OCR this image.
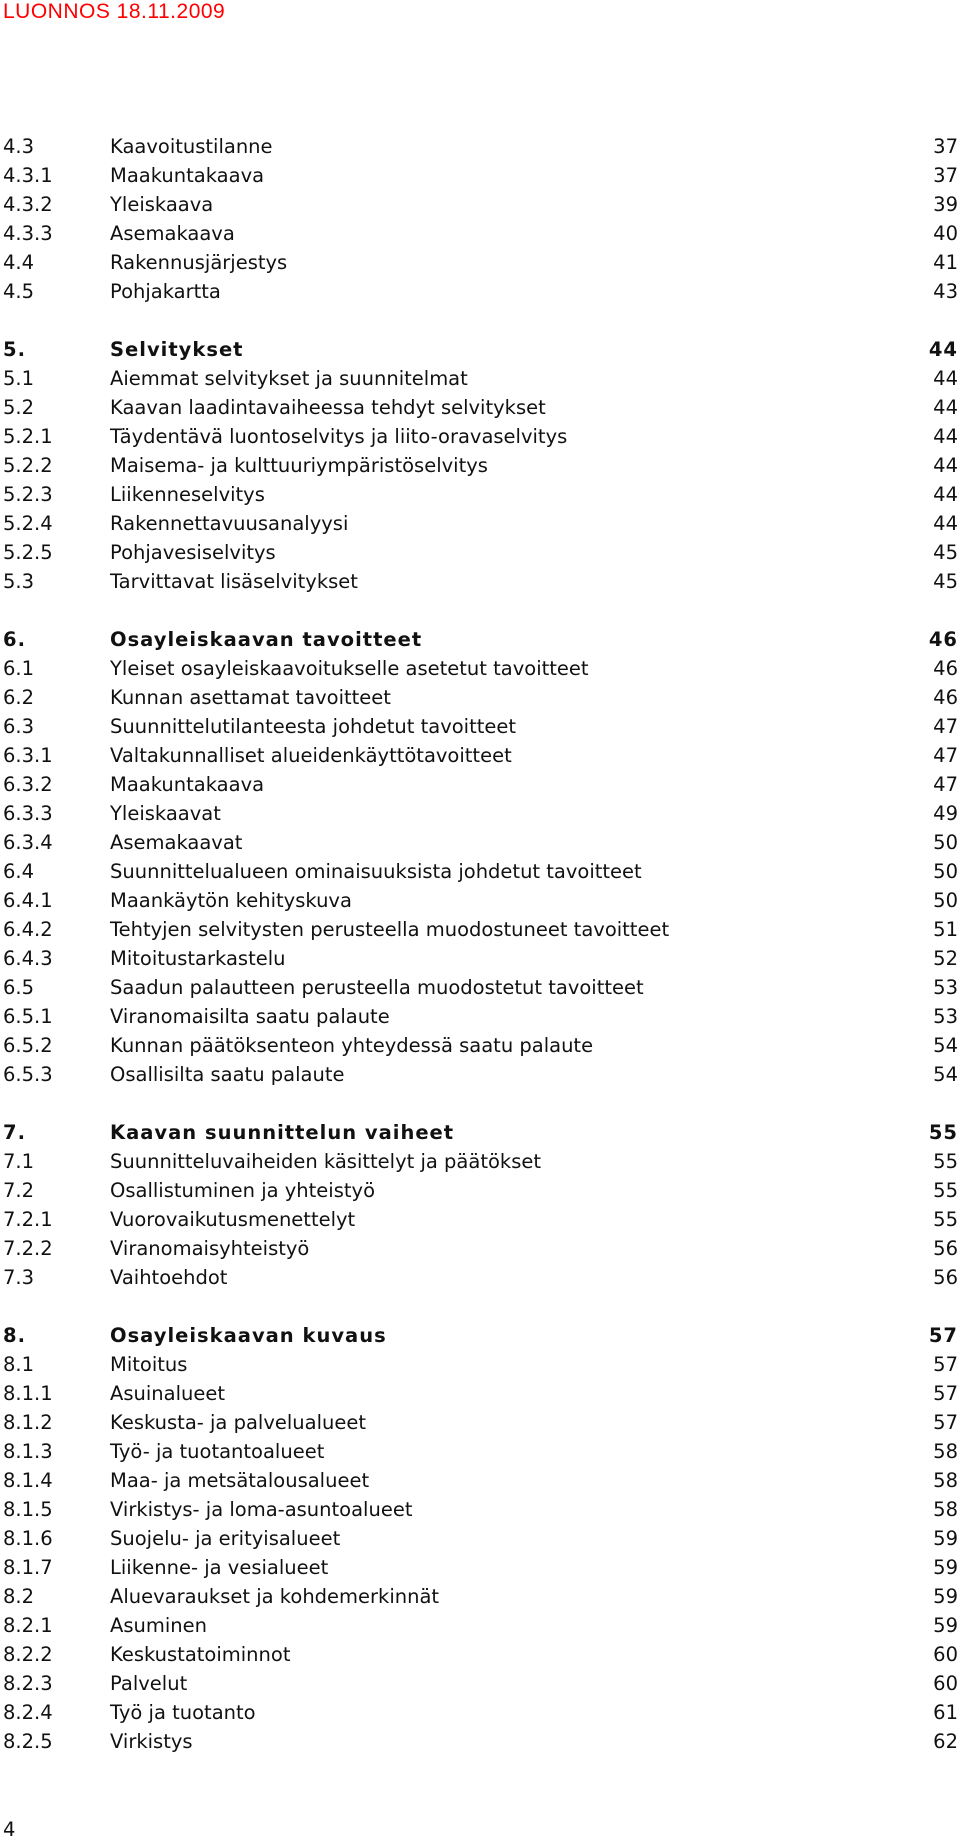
LUONNOS 18.11.2009
4.3	Kaavoitustilanne	37
4.3.1	Maakuntakaava	37
4.3.2	Yleiskaava	39
4.3.3	Asemakaava	40
4.4	Rakennusjärjestys	41
4.5	Pohjakartta	43
5.	Selvitykset	44
5.1	Aiemmat selvitykset ja suunnitelmat	44
5.2	Kaavan laadintavaiheessa tehdyt selvitykset	44
5.2.1	Täydentävä luontoselvitys ja liito-oravaselvitys	44
5.2.2	Maisema- ja kulttuuriympäristöselvitys	44
5.2.3	Liikenneselvitys	44
5.2.4	Rakennettavuusanalyysi	44
5.2.5	Pohjavesiselvitys	45
5.3	Tarvittavat lisäselvitykset	45
6.	Osayleiskaavan tavoitteet	46
6.1	Yleiset osayleiskaavoitukselle asetetut tavoitteet	46
6.2	Kunnan asettamat tavoitteet	46
6.3	Suunnittelutilanteesta johdetut tavoitteet	47
6.3.1	Valtakunnalliset alueidenkäyttötavoitteet	47
6.3.2	Maakuntakaava	47
6.3.3	Yleiskaavat	49
6.3.4	Asemakaavat	50
6.4	Suunnittelualueen ominaisuuksista johdetut tavoitteet	50
6.4.1	Maankäytön kehityskuva	50
6.4.2	Tehtyjen selvitysten perusteella muodostuneet tavoitteet	51
6.4.3	Mitoitustarkastelu	52
6.5	Saadun palautteen perusteella muodostetut tavoitteet	53
6.5.1	Viranomaisilta saatu palaute	53
6.5.2	Kunnan päätöksenteon yhteydessä saatu palaute	54
6.5.3	Osallisilta saatu palaute	54
7.	Kaavan suunnittelun vaiheet	55
7.1	Suunnitteluvaiheiden käsittelyt ja päätökset	55
7.2	Osallistuminen ja yhteistyö	55
7.2.1	Vuorovaikutusmenettelyt	55
7.2.2	Viranomaisyhteistyö	56
7.3	Vaihtoehdot	56
8.	Osayleiskaavan kuvaus	57
8.1	Mitoitus	57
8.1.1	Asuinalueet	57
8.1.2	Keskusta- ja palvelualueet	57
8.1.3	Työ- ja tuotantoalueet	58
8.1.4	Maa- ja metsätalousalueet	58
8.1.5	Virkistys- ja loma-asuntoalueet	58
8.1.6	Suojelu- ja erityisalueet	59
8.1.7	Liikenne- ja vesialueet	59
8.2	Aluevaraukset ja kohdemerkinnät	59
8.2.1	Asuminen	59
8.2.2	Keskustatoiminnot	60
8.2.3	Palvelut	60
8.2.4	Työ ja tuotanto	61
8.2.5	Virkistys	62
4
